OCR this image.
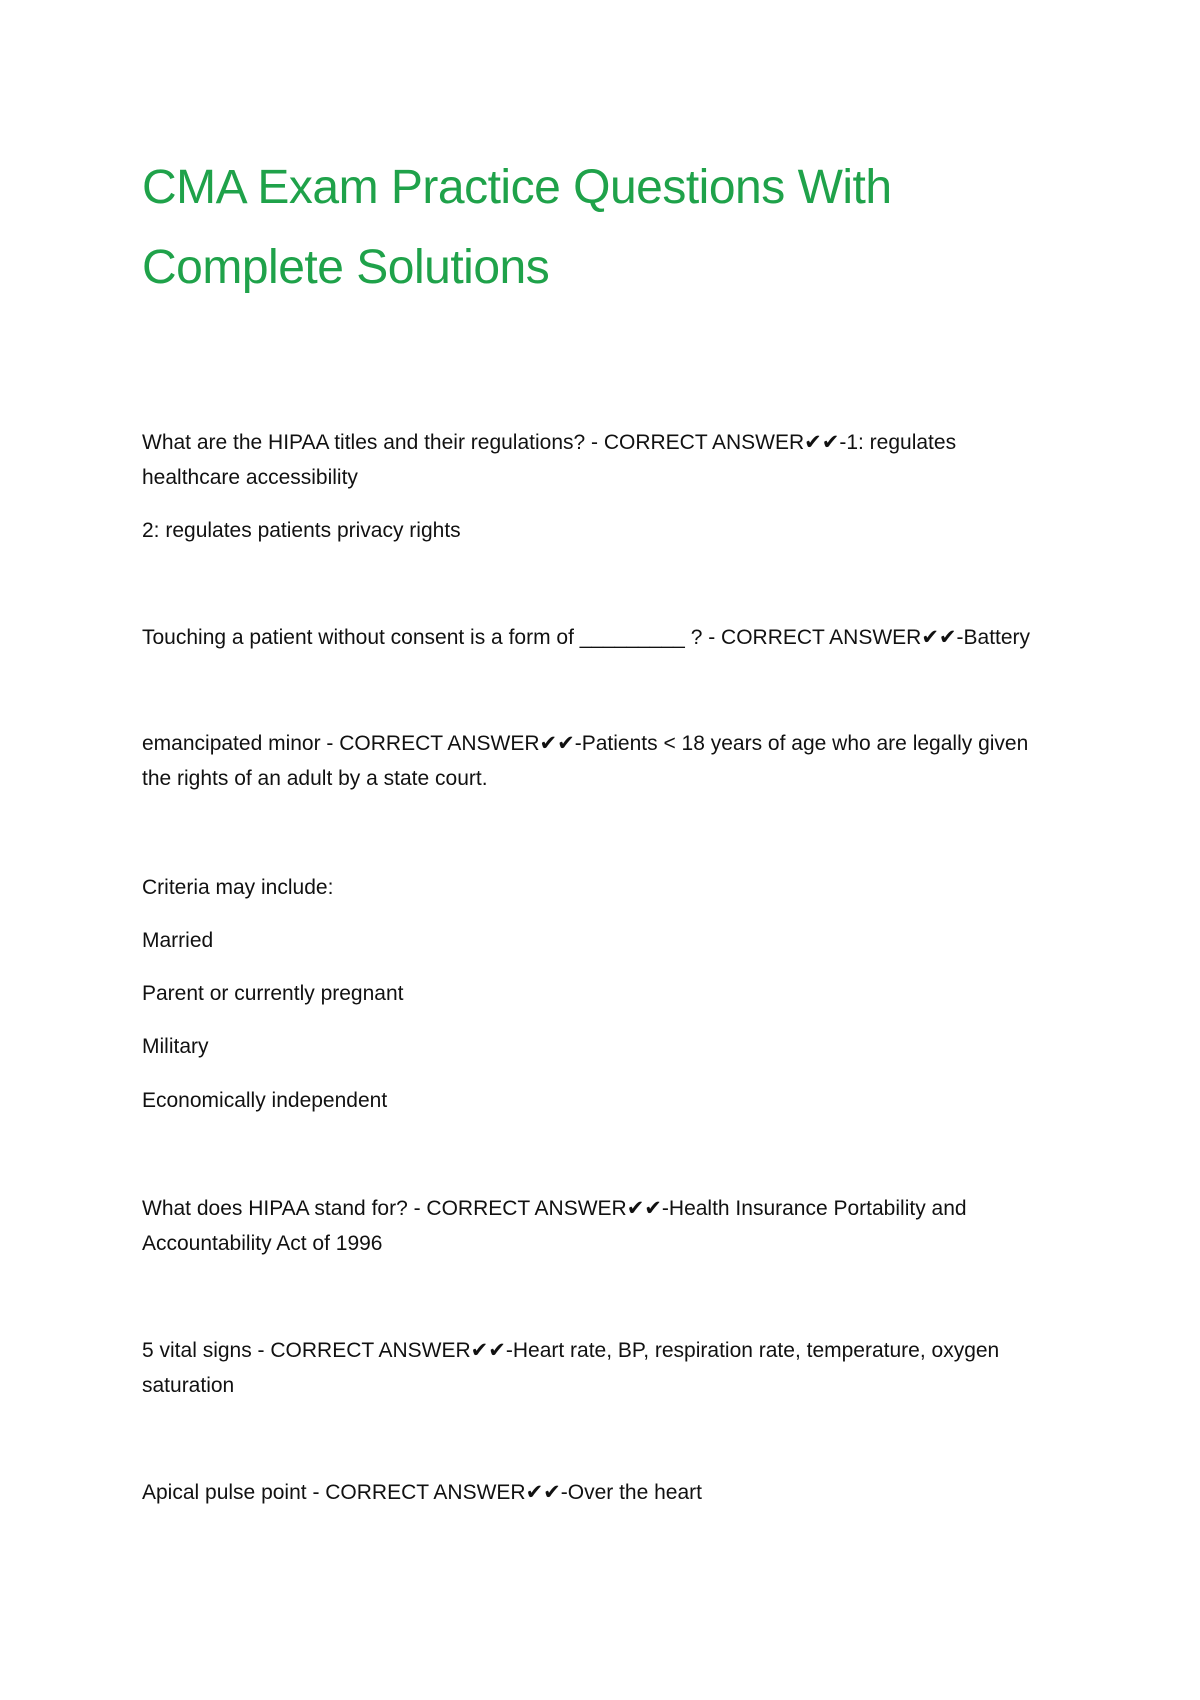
CMA Exam Practice Questions With
Complete Solutions

What are the HIPAA titles and their regulations? - CORRECT ANSWER✔✔-1: regulates
healthcare accessibility

2: regulates patients privacy rights

Touching a patient without consent is a form of _________ ? - CORRECT ANSWER✔✔-Battery

emancipated minor - CORRECT ANSWER✔✔-Patients < 18 years of age who are legally given
the rights of an adult by a state court.

Criteria may include:

Married

Parent or currently pregnant

Military

Economically independent

What does HIPAA stand for? - CORRECT ANSWER✔✔-Health Insurance Portability and
Accountability Act of 1996

5 vital signs - CORRECT ANSWER✔✔-Heart rate, BP, respiration rate, temperature, oxygen
saturation

Apical pulse point - CORRECT ANSWER✔✔-Over the heart
